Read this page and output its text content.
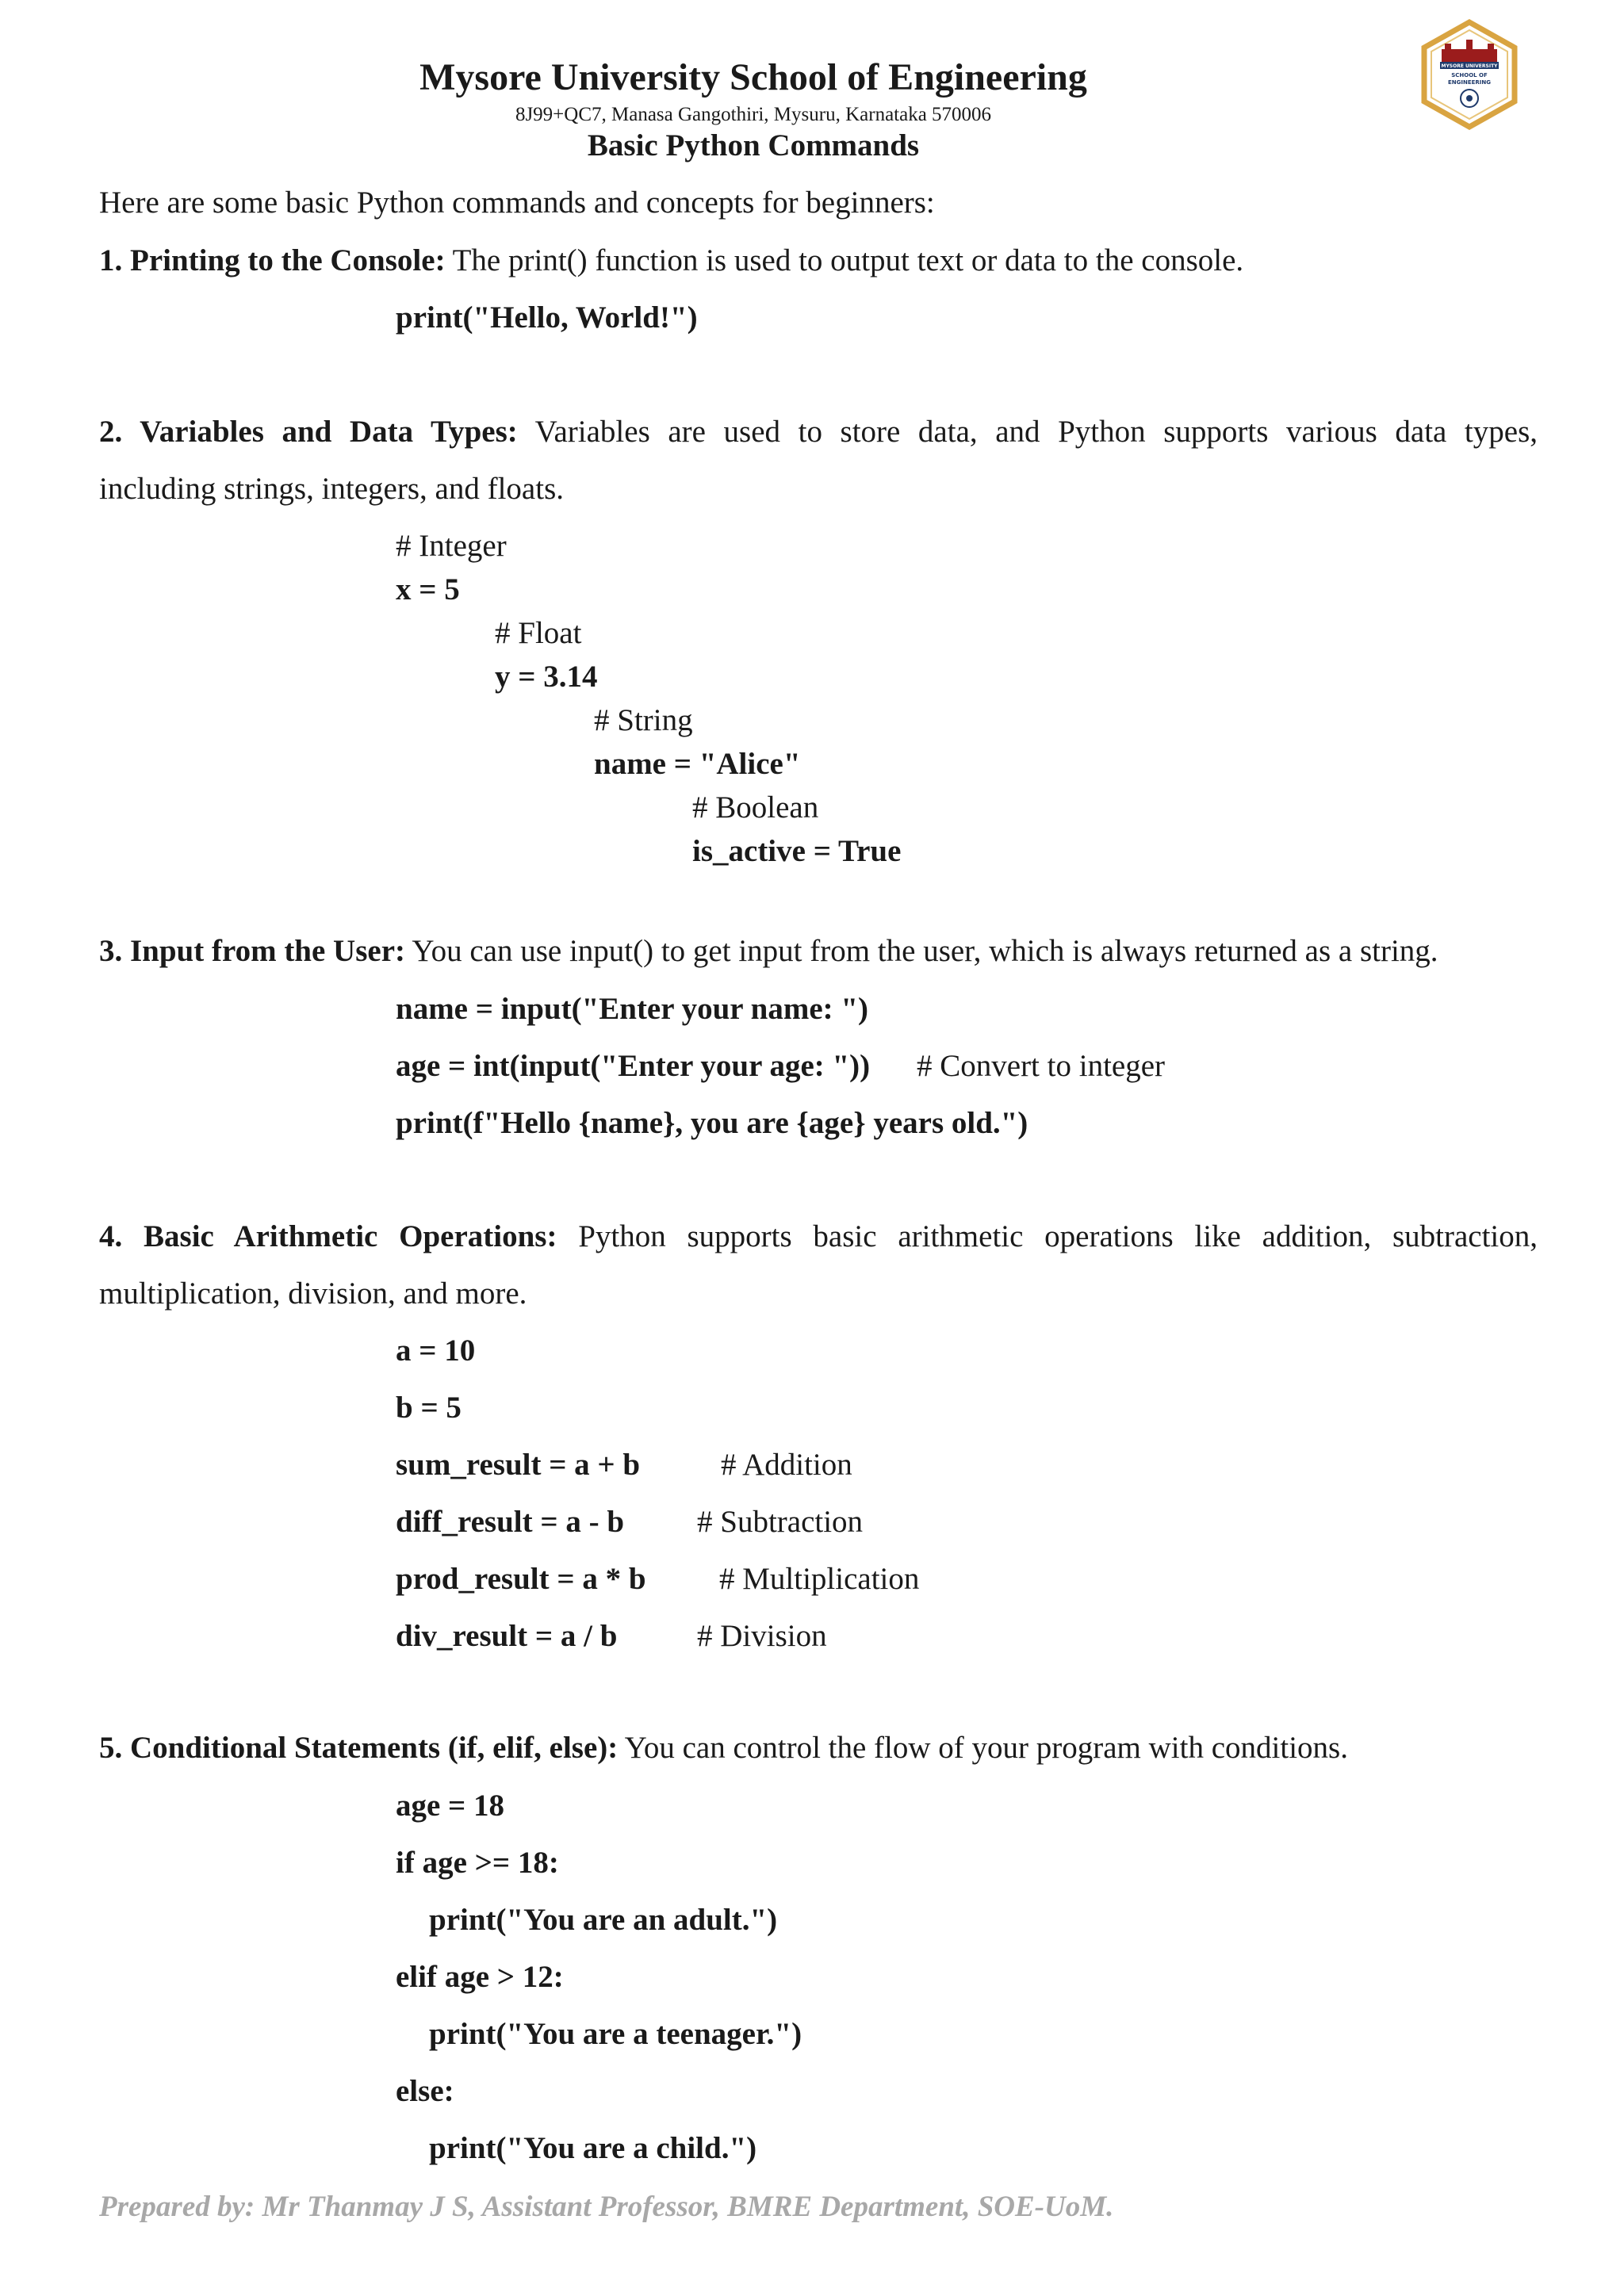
Mysore University School of Engineering
8J99+QC7, Manasa Gangothiri, Mysuru, Karnataka 570006
Basic Python Commands
MYSORE UNIVERSITY
SCHOOL OF
ENGINEERING
Here are some basic Python commands and concepts for beginners:
1. Printing to the Console: The print() function is used to output text or data to the console.
print("Hello, World!")
2. Variables and Data Types: Variables are used to store data, and Python supports various data types,
including strings, integers, and floats.
# Integer
x = 5
# Float
y = 3.14
# String
name = "Alice"
# Boolean
is_active = True
3. Input from the User: You can use input() to get input from the user, which is always returned as a string.
name = input("Enter your name: ")
age = int(input("Enter your age: ")) # Convert to integer
print(f"Hello {name}, you are {age} years old.")
4. Basic Arithmetic Operations: Python supports basic arithmetic operations like addition, subtraction,
multiplication, division, and more.
a = 10
b = 5
sum_result = a + b	# Addition
diff_result = a - b # Subtraction
prod_result = a * b # Multiplication
div_result = a / b	# Division
5. Conditional Statements (if, elif, else): You can control the flow of your program with conditions.
age = 18
if age >= 18:
print("You are an adult.")
elif age > 12:
print("You are a teenager.")
else:
print("You are a child.")
Prepared by: Mr Thanmay J S, Assistant Professor, BMRE Department, SOE-UoM.
